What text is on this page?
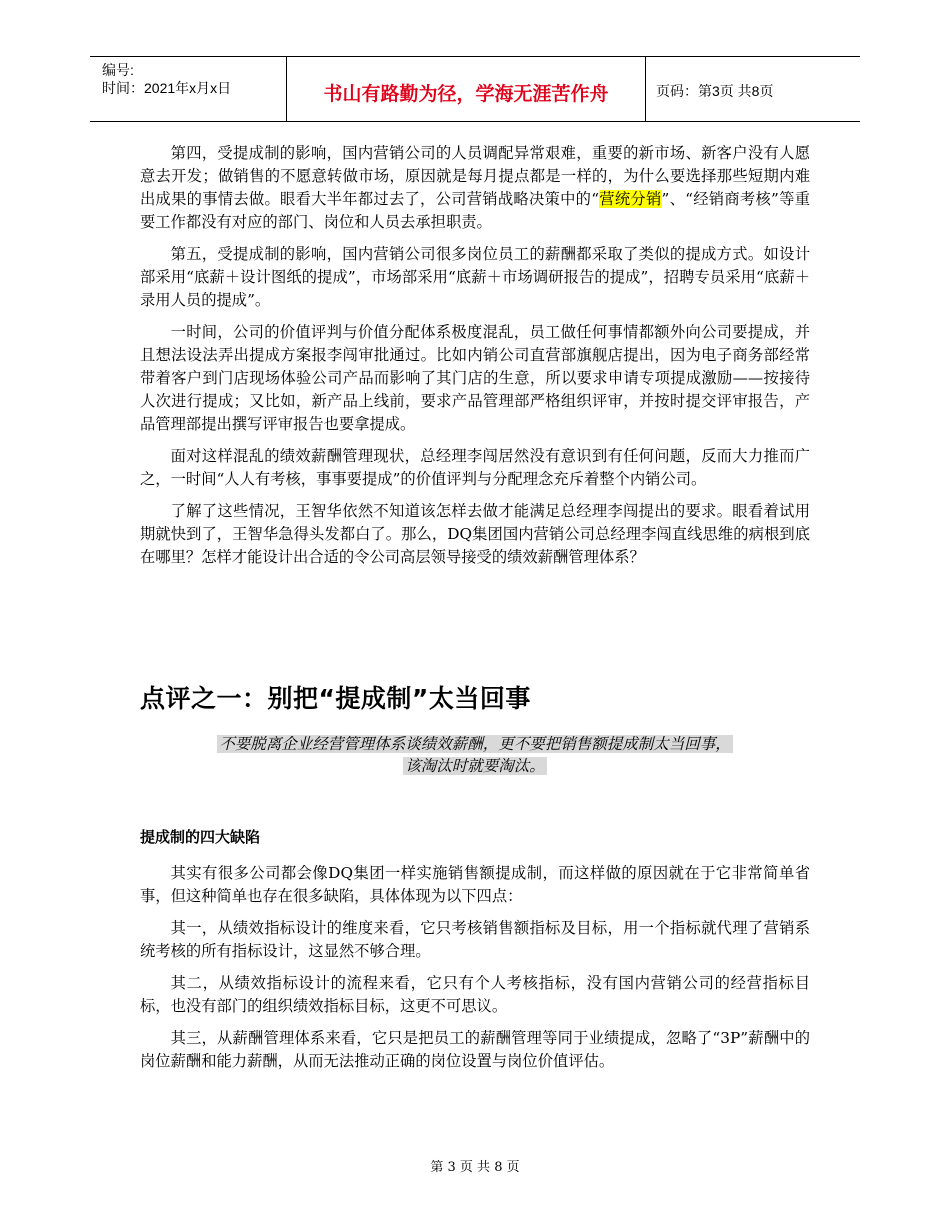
编号:
时间：2021年x月x日	书山有路勤为径，学海无涯苦作舟	页码：第3页 共8页

第四，受提成制的影响，国内营销公司的人员调配异常艰难，重要的新市场、新客户没有人愿意去开发；做销售的不愿意转做市场，原因就是每月提点都是一样的，为什么要选择那些短期内难出成果的事情去做。眼看大半年都过去了，公司营销战略决策中的“营统分销”、“经销商考核”等重要工作都没有对应的部门、岗位和人员去承担职责。

第五，受提成制的影响，国内营销公司很多岗位员工的薪酬都采取了类似的提成方式。如设计部采用“底薪＋设计图纸的提成”，市场部采用“底薪＋市场调研报告的提成”，招聘专员采用“底薪＋录用人员的提成”。

一时间，公司的价值评判与价值分配体系极度混乱，员工做任何事情都额外向公司要提成，并且想法设法弄出提成方案报李闯审批通过。比如内销公司直营部旗舰店提出，因为电子商务部经常带着客户到门店现场体验公司产品而影响了其门店的生意，所以要求申请专项提成激励——按接待人次进行提成；又比如，新产品上线前，要求产品管理部严格组织评审，并按时提交评审报告，产品管理部提出撰写评审报告也要拿提成。

面对这样混乱的绩效薪酬管理现状，总经理李闯居然没有意识到有任何问题，反而大力推而广之，一时间“人人有考核，事事要提成”的价值评判与分配理念充斥着整个内销公司。

了解了这些情况，王智华依然不知道该怎样去做才能满足总经理李闯提出的要求。眼看着试用期就快到了，王智华急得头发都白了。那么，DQ集团国内营销公司总经理李闯直线思维的病根到底在哪里？怎样才能设计出合适的令公司高层领导接受的绩效薪酬管理体系？

点评之一：别把“提成制”太当回事
不要脱离企业经营管理体系谈绩效薪酬，更不要把销售额提成制太当回事，
该淘汰时就要淘汰。
提成制的四大缺陷

其实有很多公司都会像DQ集团一样实施销售额提成制，而这样做的原因就在于它非常简单省事，但这种简单也存在很多缺陷，具体体现为以下四点：

其一，从绩效指标设计的维度来看，它只考核销售额指标及目标，用一个指标就代理了营销系统考核的所有指标设计，这显然不够合理。

其二，从绩效指标设计的流程来看，它只有个人考核指标，没有国内营销公司的经营指标目标，也没有部门的组织绩效指标目标，这更不可思议。

其三，从薪酬管理体系来看，它只是把员工的薪酬管理等同于业绩提成，忽略了“3P”薪酬中的岗位薪酬和能力薪酬，从而无法推动正确的岗位设置与岗位价值评估。

第 3 页 共 8 页
